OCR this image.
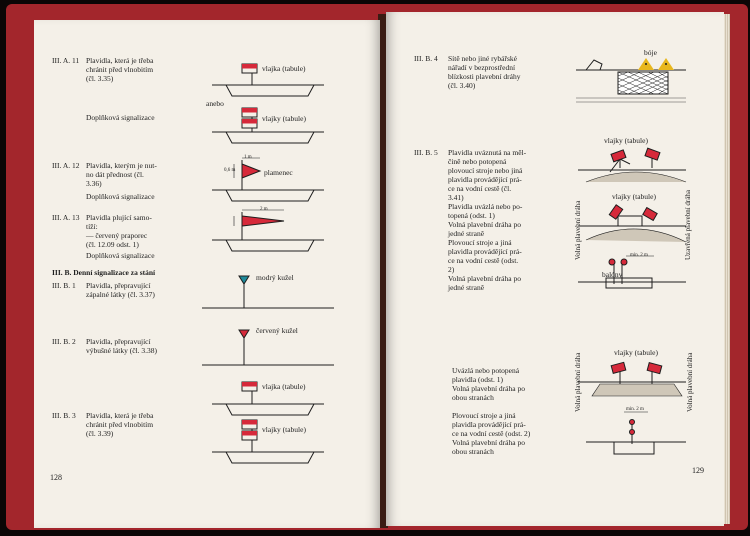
III. A. 11 Plavidla, která je třeba
chránit před vlnobitím
(čl. 3.35)
Doplňková signalizace
III. A. 12 Plavidla, kterým je nut-
no dát přednost (čl.
3.36)
Doplňková signalizace
III. A. 13 Plavidla plující samo-
tíží:
— červený praporec
(čl. 12.09 odst. 1)
Doplňková signalizace
III. B. Denní signalizace za stání
III. B. 1 Plavidla, přepravující
zápalné látky (čl. 3.37)
III. B. 2 Plavidla, přepravující
výbušné látky (čl. 3.38)
III. B. 3 Plavidla, která je třeba
chránit před vlnobitím
(čl. 3.39)
128
anebo
vlajka (tabule)
vlajky (tabule)
1 m
0,6 m	plamenec
2 m
modrý kužel
červený kužel
vlajka (tabule)
vlajky (tabule)
III. B. 4 Sítě nebo jiné rybářské
nářadí v bezprostřední
blízkosti plavební dráhy
(čl. 3.40)
III. B. 5 Plavidla uváznutá na měl-
čině nebo potopená
plovoucí stroje nebo jiná
plavidla provádějící prá-
ce na vodní cestě (čl.
3.41)
Plavidla uvázlá nebo po-
topená (odst. 1)
Volná plavební dráha po
jedné straně
Plovoucí stroje a jiná
plavidla provádějící prá-
ce na vodní cestě (odst.
2)
Volná plavební dráha po
jedné straně
Uvázlá nebo potopená
plavidla (odst. 1)
Volná plavební dráha po
obou stranách
Plovoucí stroje a jiná
plavidla provádějící prá-
ce na vodní cestě (odst. 2)
Volná plavební dráha po
obou stranách
129
bóje
vlajky (tabule)
vlajky (tabule)
balóny
vlajky (tabule)
min. 2 m
min. 2 m
Volná plavební dráha	Uzavřená plavební dráha
Volná plavební dráha	Volná plavební dráha
